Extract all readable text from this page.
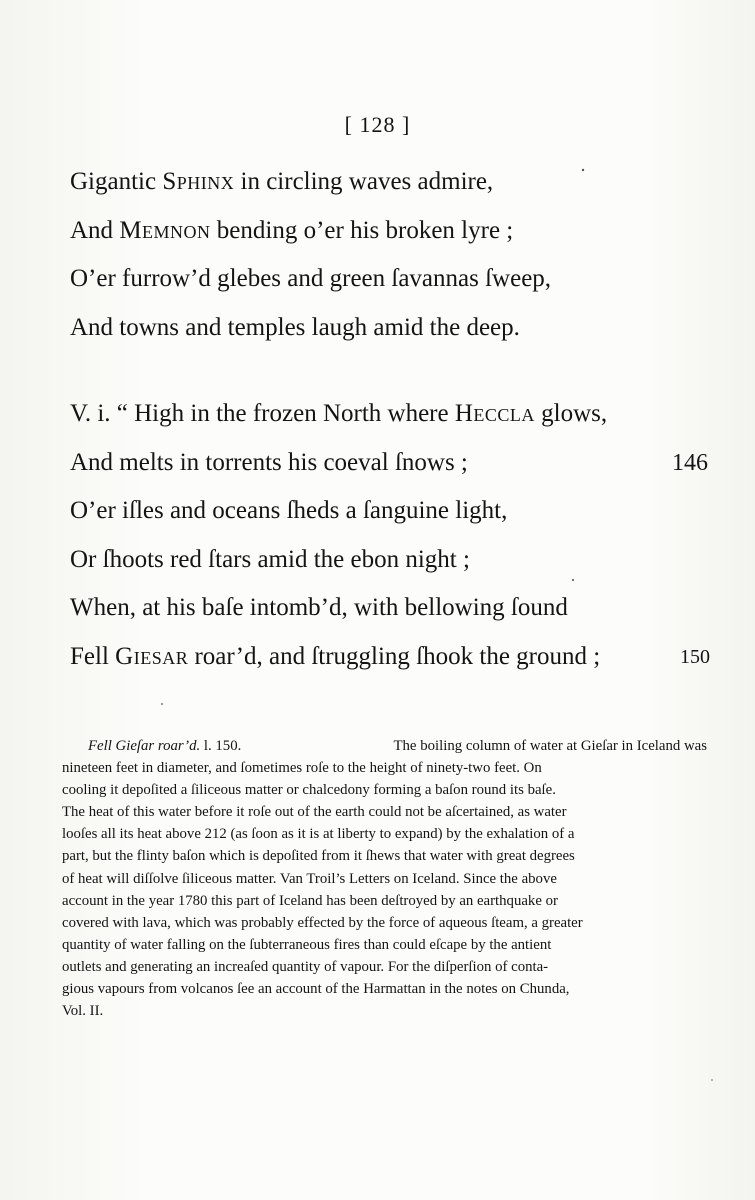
[ 128 ]
Gigantic Sphinx in circling waves admire,
And Memnon bending o’er his broken lyre ;
O’er furrow’d glebes and green ſavannas ſweep,
And towns and temples laugh amid the deep.
V. i. “ High in the frozen North where Heccla glows,
And melts in torrents his coeval ſnows ;	146
O’er iſles and oceans ſheds a ſanguine light,
Or ſhoots red ſtars amid the ebon night ;
When, at his baſe intomb’d, with bellowing ſound
Fell Giesar roar’d, and ſtruggling ſhook the ground ;	150
Fell Gieſar roar’d. l. 150.	The boiling column of water at Gieſar in Iceland was
nineteen feet in diameter, and ſometimes roſe to the height of ninety-two feet. On
cooling it depoſited a ſiliceous matter or chalcedony forming a baſon round its baſe.
The heat of this water before it roſe out of the earth could not be aſcertained, as water
looſes all its heat above 212 (as ſoon as it is at liberty to expand) by the exhalation of a
part, but the flinty baſon which is depoſited from it ſhews that water with great degrees
of heat will diſſolve ſiliceous matter. Van Troil’s Letters on Iceland. Since the above
account in the year 1780 this part of Iceland has been deſtroyed by an earthquake or
covered with lava, which was probably effected by the force of aqueous ſteam, a greater
quantity of water falling on the ſubterraneous fires than could eſcape by the antient
outlets and generating an increaſed quantity of vapour. For the diſperſion of conta-
gious vapours from volcanos ſee an account of the Harmattan in the notes on Chunda,
Vol. II.
